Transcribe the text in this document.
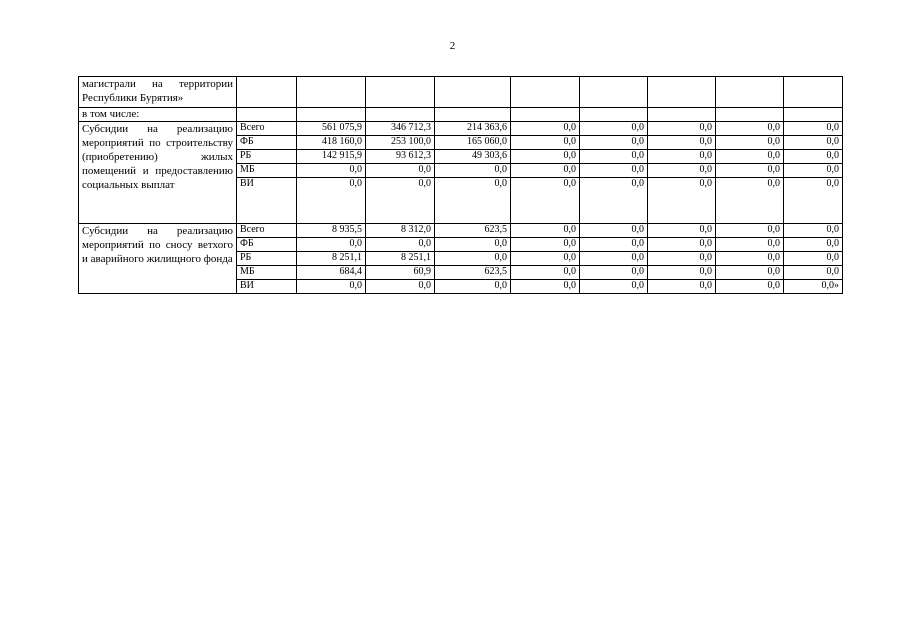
2
магистрали на территории Республики Бурятия»									
в том числе:									
Субсидии на реализацию мероприятий по строительству (приобретению) жилых помещений и предоставлению социальных выплат	Всего	561 075,9	346 712,3	214 363,6	0,0	0,0	0,0	0,0	0,0
	ФБ	418 160,0	253 100,0	165 060,0	0,0	0,0	0,0	0,0	0,0
	РБ	142 915,9	93 612,3	49 303,6	0,0	0,0	0,0	0,0	0,0
	МБ	0,0	0,0	0,0	0,0	0,0	0,0	0,0	0,0
	ВИ	0,0	0,0	0,0	0,0	0,0	0,0	0,0	0,0
Субсидии на реализацию мероприятий по сносу ветхого и аварийного жилищного фонда	Всего	8 935,5	8 312,0	623,5	0,0	0,0	0,0	0,0	0,0
	ФБ	0,0	0,0	0,0	0,0	0,0	0,0	0,0	0,0
	РБ	8 251,1	8 251,1	0,0	0,0	0,0	0,0	0,0	0,0
	МБ	684,4	60,9	623,5	0,0	0,0	0,0	0,0	0,0
	ВИ	0,0	0,0	0,0	0,0	0,0	0,0	0,0	0,0»
